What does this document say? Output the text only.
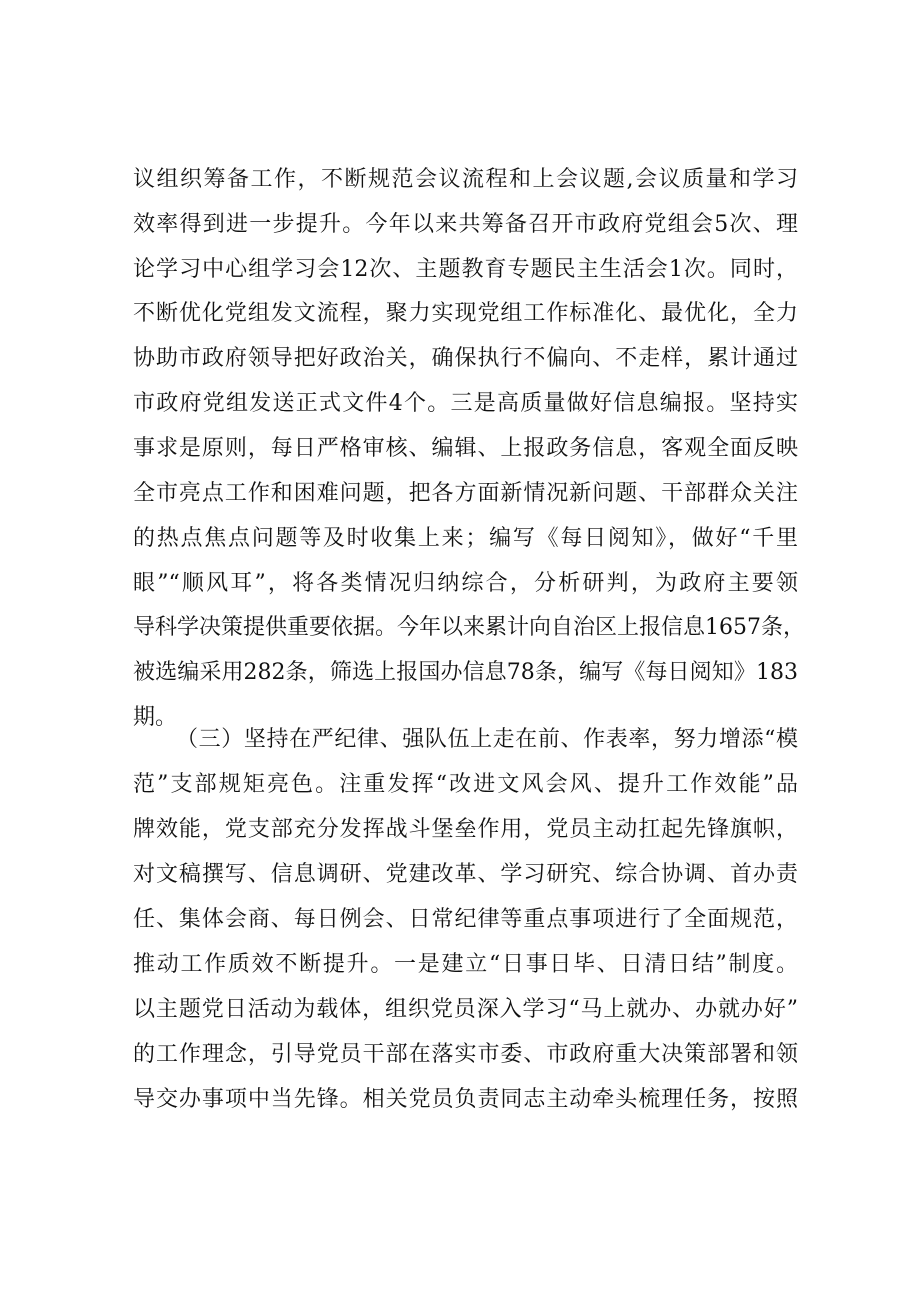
议组织筹备工作，不断规范会议流程和上会议题,会议质量和学习
效率得到进一步提升。今年以来共筹备召开市政府党组会5次、理
论学习中心组学习会12次、主题教育专题民主生活会1次。同时，
不断优化党组发文流程，聚力实现党组工作标准化、最优化，全力
协助市政府领导把好政治关，确保执行不偏向、不走样，累计通过
市政府党组发送正式文件4个。三是高质量做好信息编报。坚持实
事求是原则，每日严格审核、编辑、上报政务信息，客观全面反映
全市亮点工作和困难问题，把各方面新情况新问题、干部群众关注
的热点焦点问题等及时收集上来；编写《每日阅知》，做好“千里
眼”“顺风耳”，将各类情况归纳综合，分析研判，为政府主要领
导科学决策提供重要依据。今年以来累计向自治区上报信息1657条，
被选编采用282条，筛选上报国办信息78条，编写《每日阅知》183
期。
（三）坚持在严纪律、强队伍上走在前、作表率，努力增添“模
范”支部规矩亮色。注重发挥“改进文风会风、提升工作效能”品
牌效能，党支部充分发挥战斗堡垒作用，党员主动扛起先锋旗帜，
对文稿撰写、信息调研、党建改革、学习研究、综合协调、首办责
任、集体会商、每日例会、日常纪律等重点事项进行了全面规范，
推动工作质效不断提升。一是建立“日事日毕、日清日结”制度。
以主题党日活动为载体，组织党员深入学习“马上就办、办就办好”
的工作理念，引导党员干部在落实市委、市政府重大决策部署和领
导交办事项中当先锋。相关党员负责同志主动牵头梳理任务，按照
